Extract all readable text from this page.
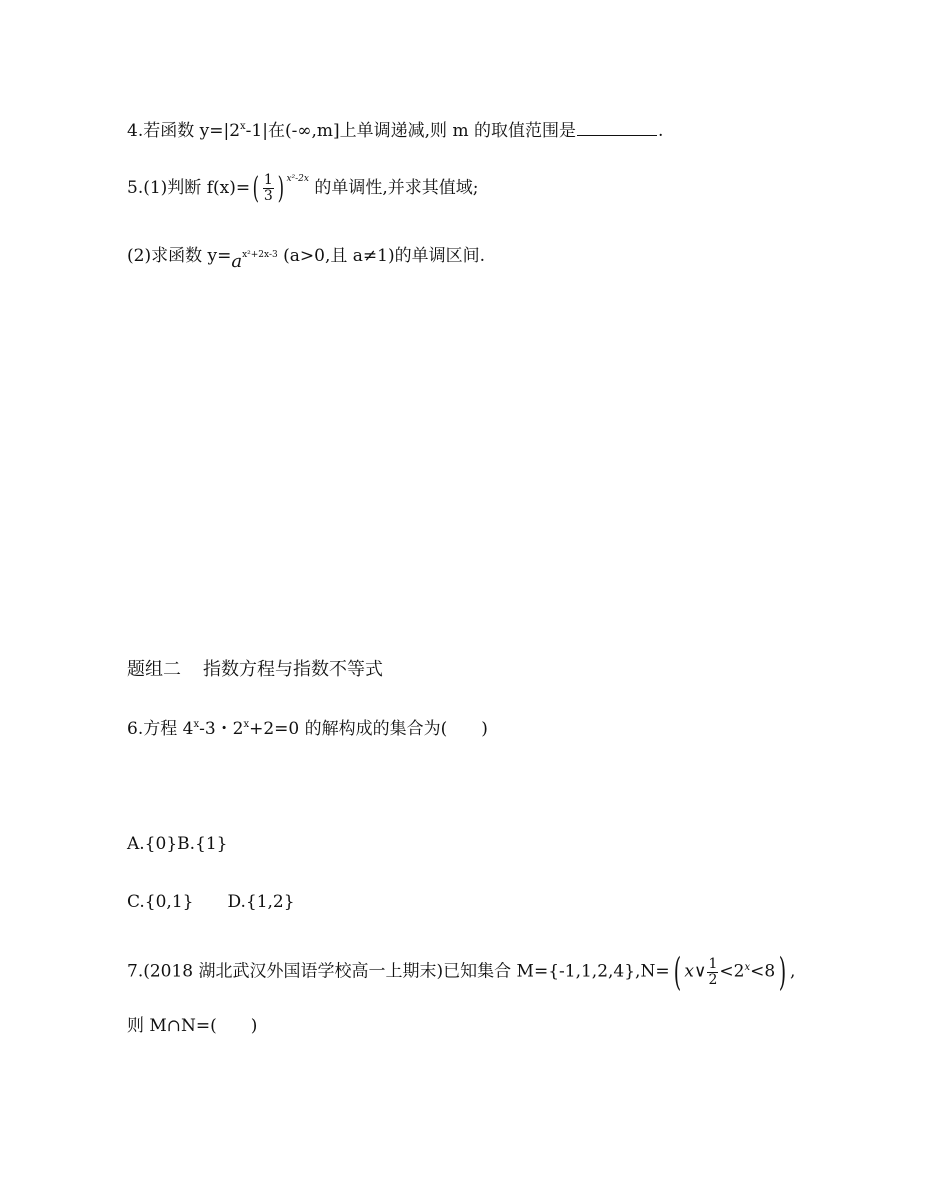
4.若函数 $y=|2^x-1|$在(-∞,m]上单调递减,则 m 的取值范围是	.
5.(1)判断 $f(x)=( \frac{1}{3}$ ) $^{x^2-2x}$ 的单调性,并求其值域;
(2)求函数 $y=a^{x^2+2x-3}$ (a>0,且 a≠1)的单调区间.
题组二 指数方程与指数不等式
6.方程 4$^x$-3・$2^x+2=0$ 的解构成的集合为(　　)
A.{0}B.{1}
C.{0,1}　　D.{1,2}
7.(2018 湖北武汉外国语学校高一上期末)已知集合 M={-1,1,2,4},N=( x∨ $\frac{1}{2} <2^x<8$) ,
则 M∩N=(　　)
